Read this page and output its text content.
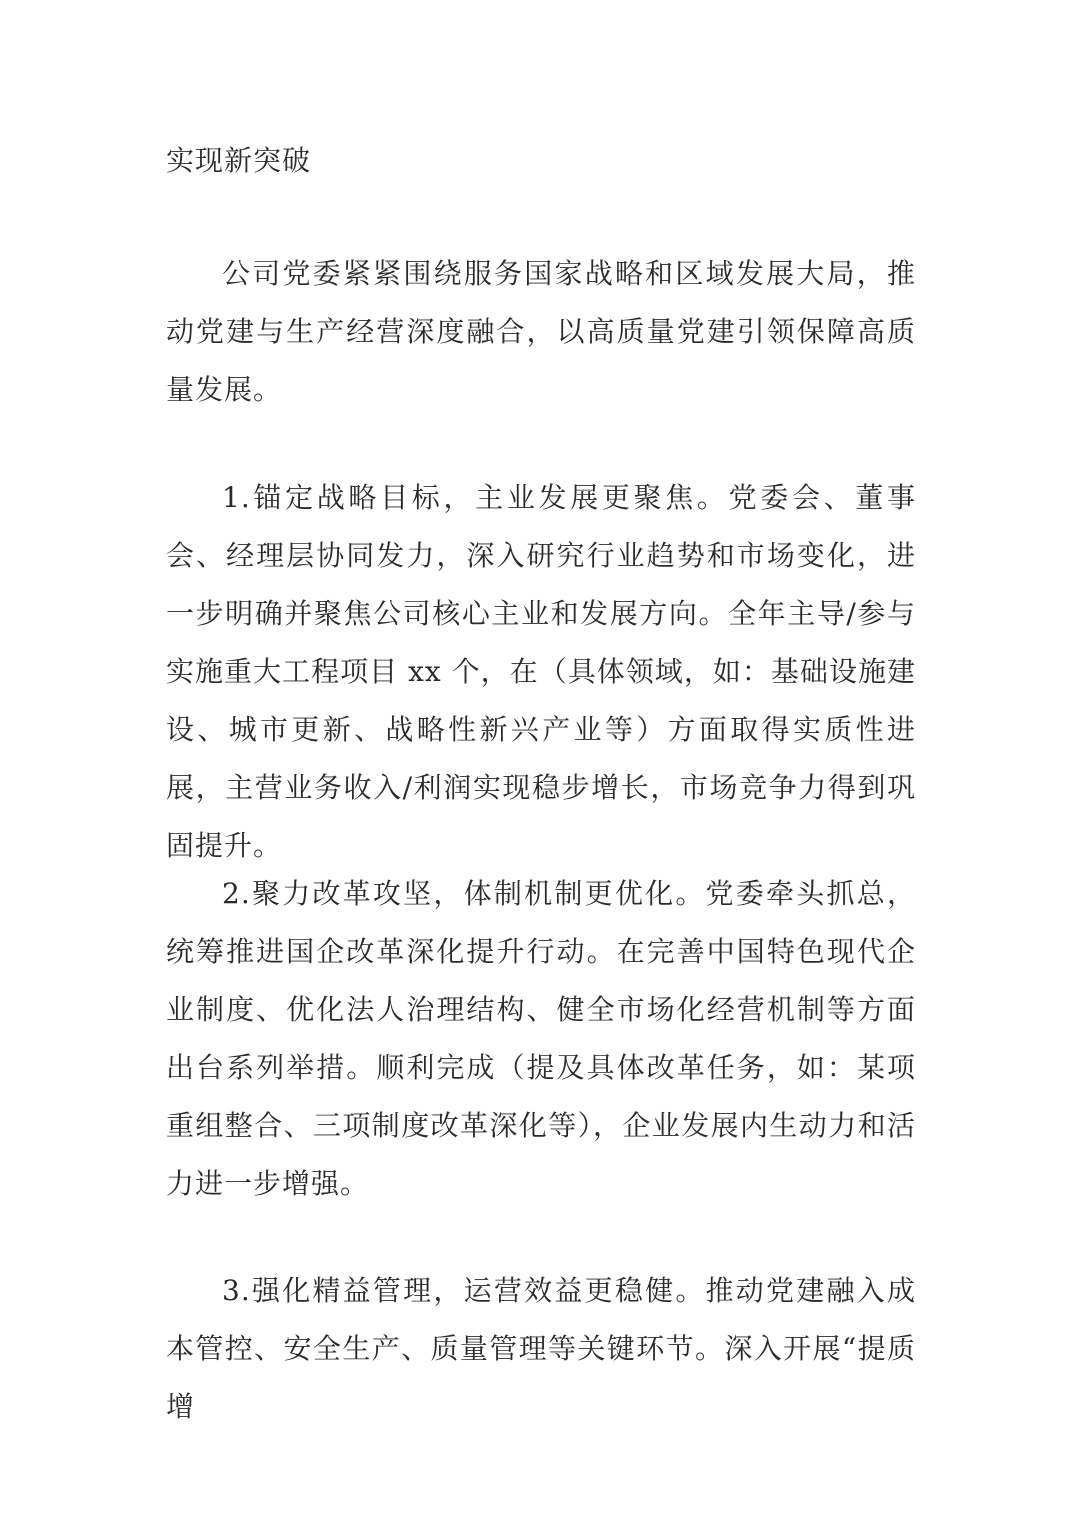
实现新突破

公司党委紧紧围绕服务国家战略和区域发展大局，推动党建与生产经营深度融合，以高质量党建引领保障高质量发展。

1.锚定战略目标，主业发展更聚焦。党委会、董事会、经理层协同发力，深入研究行业趋势和市场变化，进一步明确并聚焦公司核心主业和发展方向。全年主导/参与实施重大工程项目 xx 个，在（具体领域，如：基础设施建设、城市更新、战略性新兴产业等）方面取得实质性进展，主营业务收入/利润实现稳步增长，市场竞争力得到巩固提升。

2.聚力改革攻坚，体制机制更优化。党委牵头抓总，统筹推进国企改革深化提升行动。在完善中国特色现代企业制度、优化法人治理结构、健全市场化经营机制等方面出台系列举措。顺利完成（提及具体改革任务，如：某项重组整合、三项制度改革深化等），企业发展内生动力和活力进一步增强。

3.强化精益管理，运营效益更稳健。推动党建融入成本管控、安全生产、质量管理等关键环节。深入开展“提质增
